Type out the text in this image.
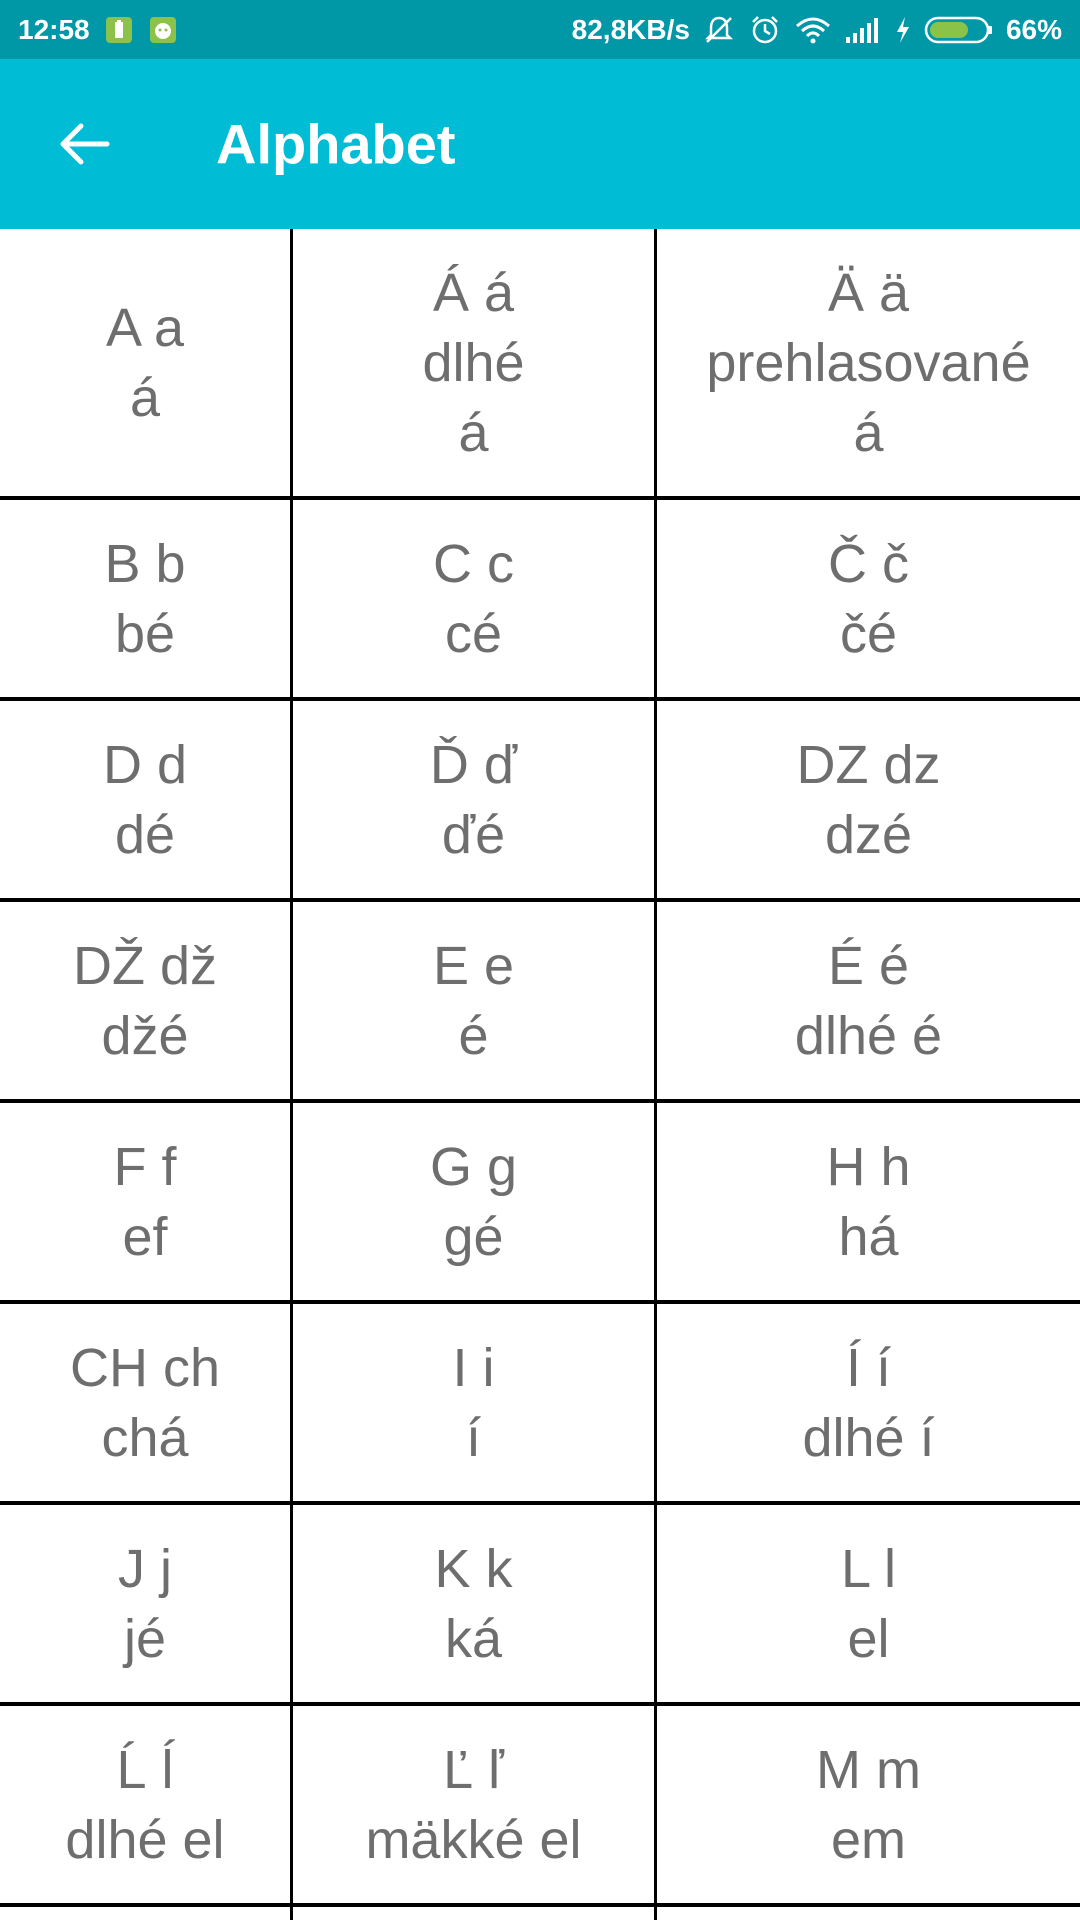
12:58	82,8KB/s	66%
Alphabet
A a
á
Á á
dlhé
á
Ä ä
prehlasované
á
B b
bé
C c
cé
Č č
čé
D d
dé
Ď ď
ďé
DZ dz
dzé
DŽ dž
džé
E e
é
É é
dlhé é
F f
ef
G g
gé
H h
há
CH ch
chá
I i
í
Í í
dlhé í
J j
jé
K k
ká
L l
el
Ĺ ĺ
dlhé el
Ľ ľ
mäkké el
M m
em
